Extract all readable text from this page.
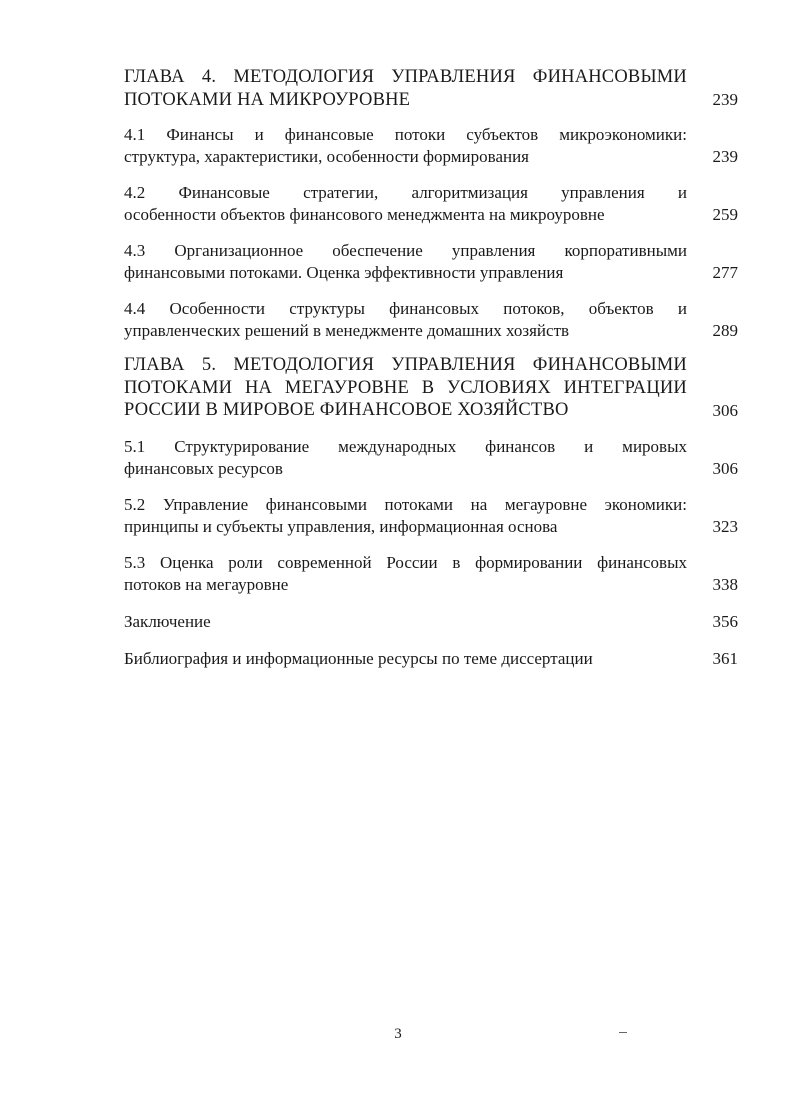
ГЛАВА 4. МЕТОДОЛОГИЯ УПРАВЛЕНИЯ ФИНАНСОВЫМИ
ПОТОКАМИ НА МИКРОУРОВНЕ	239
4.1 Финансы и финансовые потоки субъектов микроэкономики:
структура, характеристики, особенности формирования	239
4.2 Финансовые стратегии, алгоритмизация управления и
особенности объектов финансового менеджмента на микроуровне	259
4.3 Организационное обеспечение управления корпоративными
финансовыми потоками. Оценка эффективности управления	277
4.4 Особенности структуры финансовых потоков, объектов и
управленческих решений в менеджменте домашних хозяйств	289
ГЛАВА 5. МЕТОДОЛОГИЯ УПРАВЛЕНИЯ ФИНАНСОВЫМИ
ПОТОКАМИ НА МЕГАУРОВНЕ В УСЛОВИЯХ ИНТЕГРАЦИИ
РОССИИ В МИРОВОЕ ФИНАНСОВОЕ ХОЗЯЙСТВО	306
5.1 Структурирование международных финансов и мировых
финансовых ресурсов	306
5.2 Управление финансовыми потоками на мегауровне экономики:
принципы и субъекты управления, информационная основа	323
5.3 Оценка роли современной России в формировании финансовых
потоков на мегауровне	338
Заключение	356
Библиография и информационные ресурсы по теме диссертации	361
3
